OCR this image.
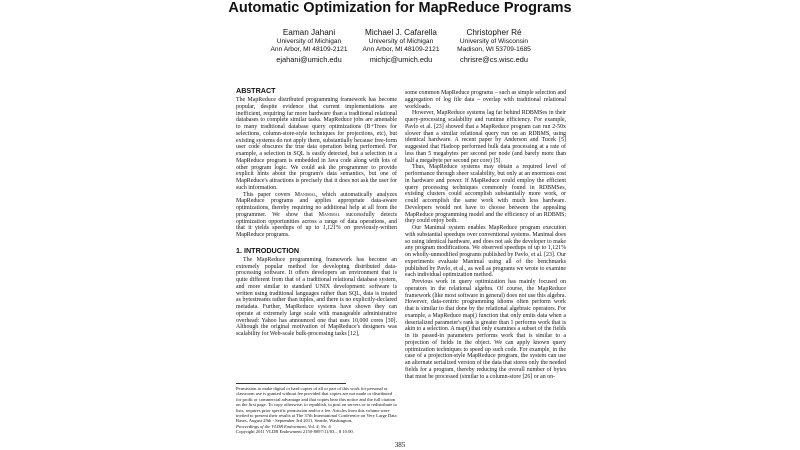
Automatic Optimization for MapReduce Programs
Eaman Jahani
University of Michigan
Ann Arbor, MI 48109-2121
ejahani@umich.edu
Michael J. Cafarella
University of Michigan
Ann Arbor, MI 48109-2121
michjc@umich.edu
Christopher Ré
University of Wisconsin
Madison, WI 53709-1685
chrisre@cs.wisc.edu
ABSTRACT

The MapReduce distributed programming framework has become popular, despite evidence that current implementations are inefficient, requiring far more hardware than a traditional relational databases to complete similar tasks. MapReduce jobs are amenable to many traditional database query optimizations (B+Trees for selections, column-store-style techniques for projections, etc), but existing systems do not apply them, substantially because free-form user code obscures the true data operation being performed. For example, a selection in SQL is easily detected, but a selection in a MapReduce program is embedded in Java code along with lots of other program logic. We could ask the programmer to provide explicit hints about the program's data semantics, but one of MapReduce's attractions is precisely that it does not ask the user for such information.

This paper covers Manimal, which automatically analyzes MapReduce programs and applies appropriate data-aware optimizations, thereby requiring no additional help at all from the programmer. We show that Manimal successfully detects optimization opportunities across a range of data operations, and that it yields speedups of up to 1,121% on previously-written MapReduce programs.

1. INTRODUCTION

The MapReduce programming framework has become an extremely popular method for developing distributed data-processing software. It offers developers an environment that is quite different from that of a traditional relational database system, and more similar to standard UNIX development: software is written using traditional languages rather than SQL, data is treated as bytestreams rather than tuples, and there is no explicitly-declared metadata. Further, MapReduce systems have shown they can operate at extremely large scale with manageable administrative overhead: Yahoo has announced one that uses 10,000 cores [30]. Although the original motivation of MapReduce's designers was scalability for Web-scale bulk-processing tasks [12],

Permission to make digital or hard copies of all or part of this work for personal or classroom use is granted without fee provided that copies are not made or distributed for profit or commercial advantage and that copies bear this notice and the full citation on the first page. To copy otherwise, to republish, to post on servers or to redistribute to lists, requires prior specific permission and/or a fee. Articles from this volume were invited to present their results at The 37th International Conference on Very Large Data Bases, August 29th - September 3rd 2011, Seattle, Washington.

Proceedings of the VLDB Endowment, Vol. 4, No. 6

Copyright 2011 VLDB Endowment 2150-8097/11/03... $ 10.00.

some common MapReduce programs – such as simple selection and aggregation of log file data – overlap with traditional relational workloads.

However, MapReduce systems lag far behind RDBMSes in their query-processing scalability and runtime efficiency. For example, Pavlo et al. [23] showed that a MapReduce program can run 2-50x slower than a similar relational query run on an RDBMS, using identical hardware. A recent paper by Anderson and Tucek [5] suggested that Hadoop performed bulk data processing at a rate of less than 5 megabytes per second per node (and barely more than half a megabyte per second per core) [5].

Thus, MapReduce systems may obtain a required level of performance through sheer scalability, but only at an enormous cost in hardware and power. If MapReduce could employ the efficient query processing techniques commonly found in RDBMSes, existing clusters could accomplish substantially more work, or could accomplish the same work with much less hardware. Developers would not have to choose between the appealing MapReduce programming model and the efficiency of an RDBMS; they could enjoy both.

Our Manimal system enables MapReduce program execution with substantial speedups over conventional systems. Manimal does so using identical hardware, and does not ask the developer to make any program modifications. We observed speedups of up to 1,121% on wholly-unmodified programs published by Pavlo, et al. [23]. Our experiments evaluate Manimal using all of the benchmarks published by Pavlo, et al., as well as programs we wrote to examine each individual optimization method.

Previous work in query optimization has mainly focused on operators in the relational algebra. Of course, the MapReduce framework (like most software in general) does not use this algebra. However, data-centric programming idioms often perform work that is similar to that done by the relational algebraic operators. For example, a MapReduce map() function that only emits data when a deserialized parameter's rank is greater than 1 performs work that is akin to a selection. A map() that only examines a subset of the fields in its passed-in parameters performs work that is similar to a projection of fields in the object. We can apply known query optimization techniques to speed up such code. For example, in the case of a projection-style MapReduce program, the system can use an alternate serialized version of the data that stores only the needed fields for a program, thereby reducing the overall number of bytes that must be processed (similar to a column-store [26] or an on-

385
